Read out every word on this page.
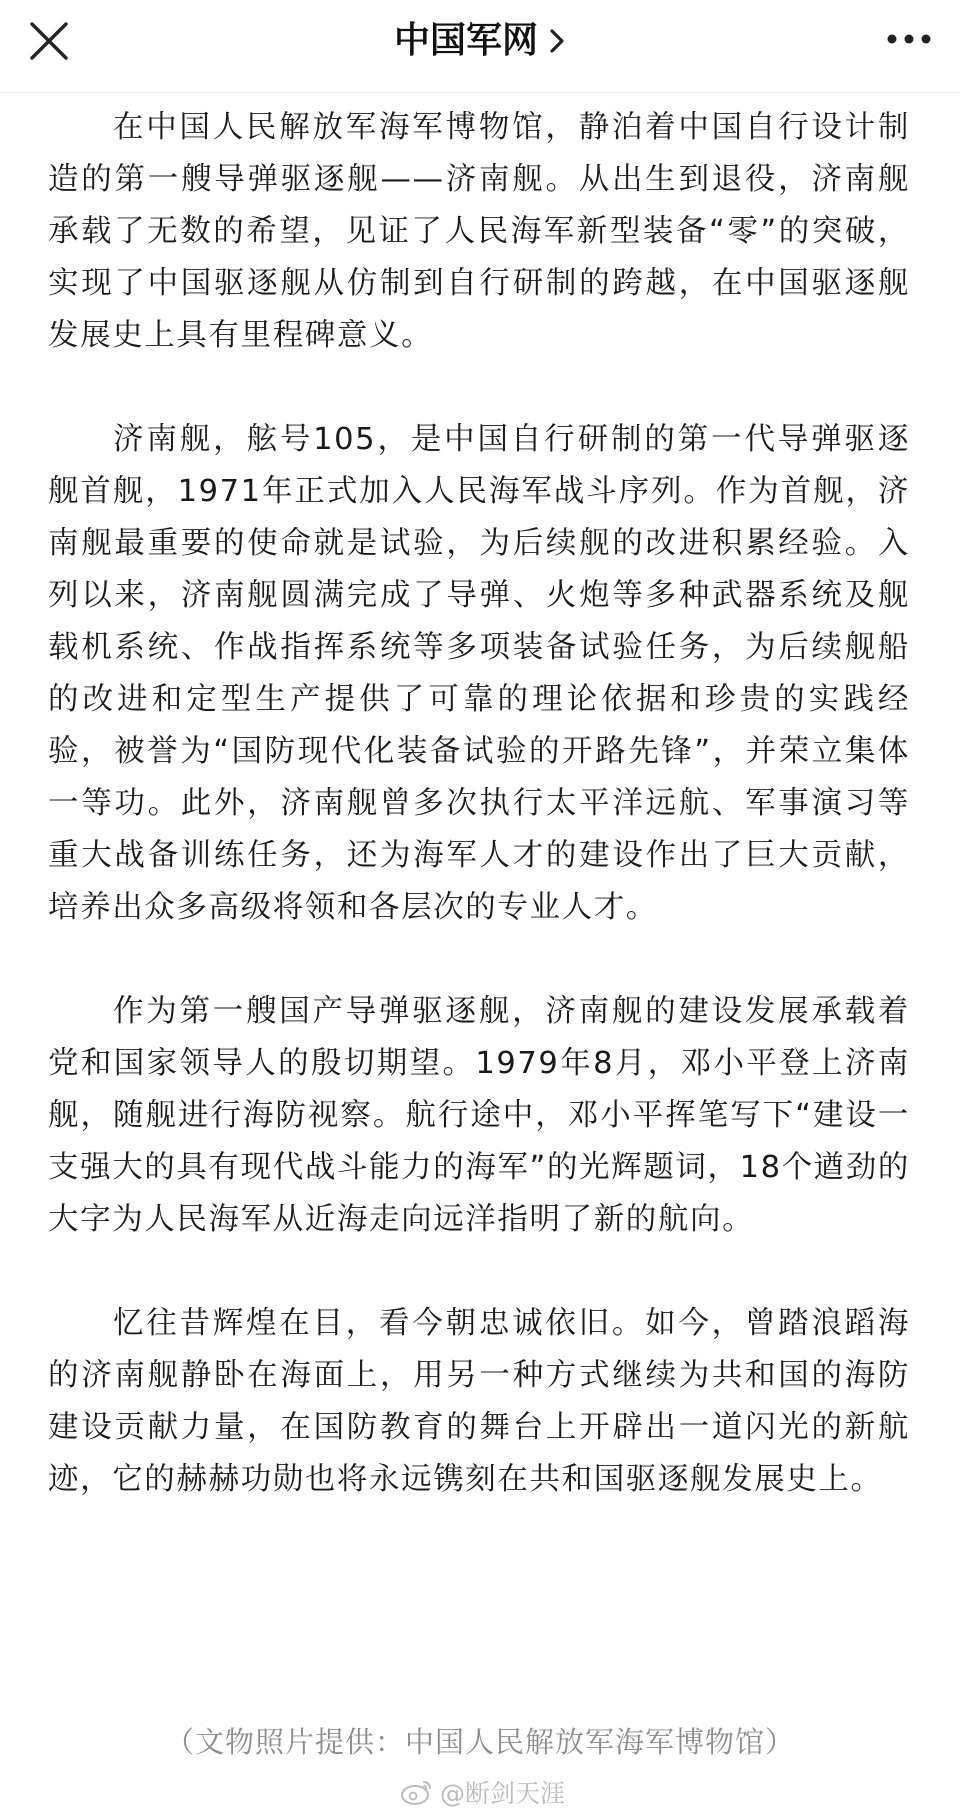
中国军网

在中国人民解放军海军博物馆，静泊着中国自行设计制造的第一艘导弹驱逐舰——济南舰。从出生到退役，济南舰承载了无数的希望，见证了人民海军新型装备“零”的突破，实现了中国驱逐舰从仿制到自行研制的跨越，在中国驱逐舰发展史上具有里程碑意义。

济南舰，舷号105，是中国自行研制的第一代导弹驱逐舰首舰，1971年正式加入人民海军战斗序列。作为首舰，济南舰最重要的使命就是试验，为后续舰的改进积累经验。入列以来，济南舰圆满完成了导弹、火炮等多种武器系统及舰载机系统、作战指挥系统等多项装备试验任务，为后续舰船的改进和定型生产提供了可靠的理论依据和珍贵的实践经验，被誉为“国防现代化装备试验的开路先锋”，并荣立集体一等功。此外，济南舰曾多次执行太平洋远航、军事演习等重大战备训练任务，还为海军人才的建设作出了巨大贡献，培养出众多高级将领和各层次的专业人才。

作为第一艘国产导弹驱逐舰，济南舰的建设发展承载着党和国家领导人的殷切期望。1979年8月，邓小平登上济南舰，随舰进行海防视察。航行途中，邓小平挥笔写下“建设一支强大的具有现代战斗能力的海军”的光辉题词，18个遒劲的大字为人民海军从近海走向远洋指明了新的航向。

忆往昔辉煌在目，看今朝忠诚依旧。如今，曾踏浪蹈海的济南舰静卧在海面上，用另一种方式继续为共和国的海防建设贡献力量，在国防教育的舞台上开辟出一道闪光的新航迹，它的赫赫功勋也将永远镌刻在共和国驱逐舰发展史上。

（文物照片提供：中国人民解放军海军博物馆）
@断剑天涯
